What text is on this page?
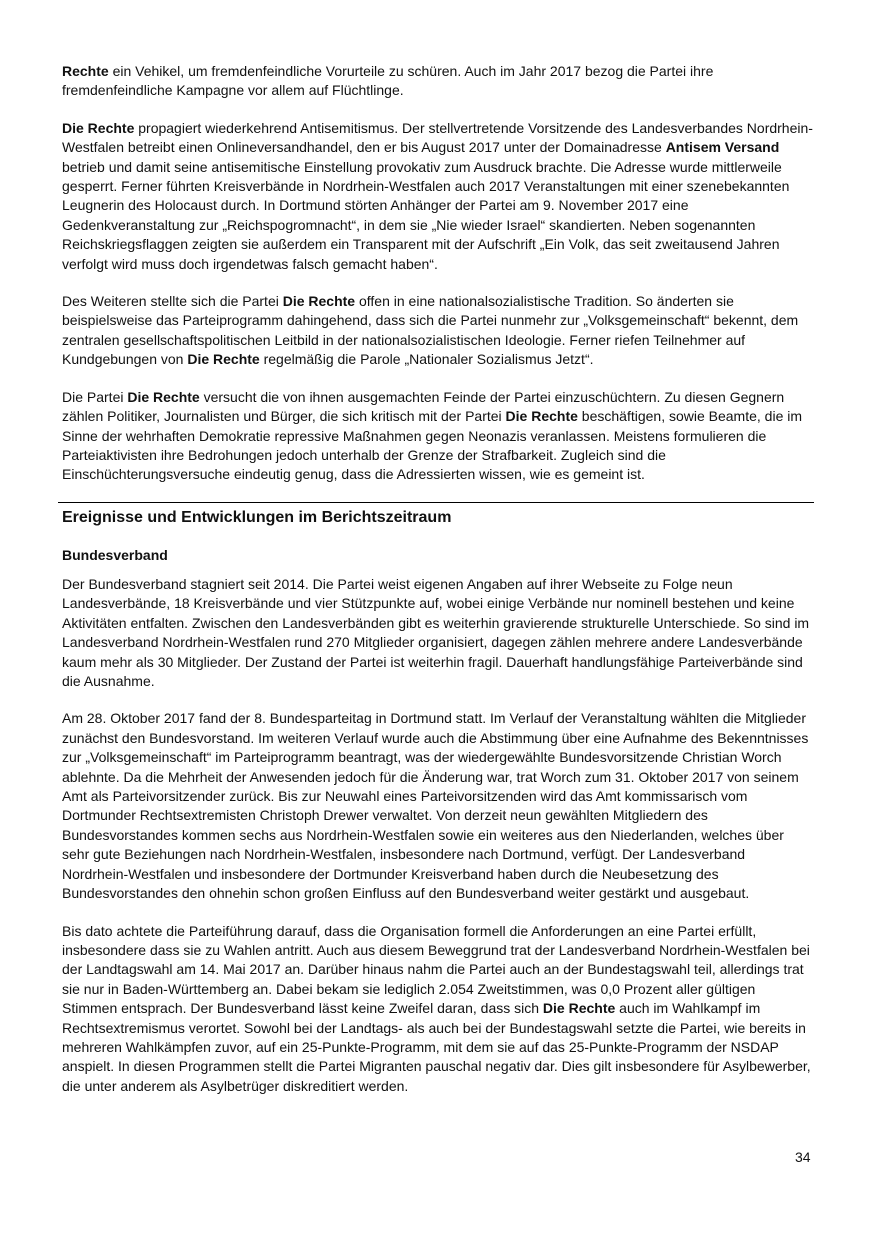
Rechte ein Vehikel, um fremdenfeindliche Vorurteile zu schüren. Auch im Jahr 2017 bezog die Partei ihre fremdenfeindliche Kampagne vor allem auf Flüchtlinge.

Die Rechte propagiert wiederkehrend Antisemitismus. Der stellvertretende Vorsitzende des Landesverbandes Nordrhein-Westfalen betreibt einen Onlineversandhandel, den er bis August 2017 unter der Domainadresse Antisem Versand betrieb und damit seine antisemitische Einstellung provokativ zum Ausdruck brachte. Die Adresse wurde mittlerweile gesperrt. Ferner führten Kreisverbände in Nordrhein-Westfalen auch 2017 Veranstaltungen mit einer szenebekannten Leugnerin des Holocaust durch. In Dortmund störten Anhänger der Partei am 9. November 2017 eine Gedenkveranstaltung zur „Reichspogromnacht“, in dem sie „Nie wieder Israel“ skandierten. Neben sogenannten Reichskriegsflaggen zeigten sie außerdem ein Transparent mit der Aufschrift „Ein Volk, das seit zweitausend Jahren verfolgt wird muss doch irgendetwas falsch gemacht haben“.

Des Weiteren stellte sich die Partei Die Rechte offen in eine nationalsozialistische Tradition. So änderten sie beispielsweise das Parteiprogramm dahingehend, dass sich die Partei nunmehr zur „Volksgemeinschaft“ bekennt, dem zentralen gesellschaftspolitischen Leitbild in der nationalsozialistischen Ideologie. Ferner riefen Teilnehmer auf Kundgebungen von Die Rechte regelmäßig die Parole „Nationaler Sozialismus Jetzt“.

Die Partei Die Rechte versucht die von ihnen ausgemachten Feinde der Partei einzuschüchtern. Zu diesen Gegnern zählen Politiker, Journalisten und Bürger, die sich kritisch mit der Partei Die Rechte beschäftigen, sowie Beamte, die im Sinne der wehrhaften Demokratie repressive Maßnahmen gegen Neonazis veranlassen. Meistens formulieren die Parteiaktivisten ihre Bedrohungen jedoch unterhalb der Grenze der Strafbarkeit. Zugleich sind die Einschüchterungsversuche eindeutig genug, dass die Adressierten wissen, wie es gemeint ist.

Ereignisse und Entwicklungen im Berichtszeitraum
Bundesverband

Der Bundesverband stagniert seit 2014. Die Partei weist eigenen Angaben auf ihrer Webseite zu Folge neun Landesverbände, 18 Kreisverbände und vier Stützpunkte auf, wobei einige Verbände nur nominell bestehen und keine Aktivitäten entfalten. Zwischen den Landesverbänden gibt es weiterhin gravierende strukturelle Unterschiede. So sind im Landesverband Nordrhein-Westfalen rund 270 Mitglieder organisiert, dagegen zählen mehrere andere Landesverbände kaum mehr als 30 Mitglieder. Der Zustand der Partei ist weiterhin fragil. Dauerhaft handlungsfähige Parteiverbände sind die Ausnahme.

Am 28. Oktober 2017 fand der 8. Bundesparteitag in Dortmund statt. Im Verlauf der Veranstaltung wählten die Mitglieder zunächst den Bundesvorstand. Im weiteren Verlauf wurde auch die Abstimmung über eine Aufnahme des Bekenntnisses zur „Volksgemeinschaft“ im Parteiprogramm beantragt, was der wiedergewählte Bundesvorsitzende Christian Worch ablehnte. Da die Mehrheit der Anwesenden jedoch für die Änderung war, trat Worch zum 31. Oktober 2017 von seinem Amt als Parteivorsitzender zurück. Bis zur Neuwahl eines Parteivorsitzenden wird das Amt kommissarisch vom Dortmunder Rechtsextremisten Christoph Drewer verwaltet. Von derzeit neun gewählten Mitgliedern des Bundesvorstandes kommen sechs aus Nordrhein-Westfalen sowie ein weiteres aus den Niederlanden, welches über sehr gute Beziehungen nach Nordrhein-Westfalen, insbesondere nach Dortmund, verfügt. Der Landesverband Nordrhein-Westfalen und insbesondere der Dortmunder Kreisverband haben durch die Neubesetzung des Bundesvorstandes den ohnehin schon großen Einfluss auf den Bundesverband weiter gestärkt und ausgebaut.

Bis dato achtete die Parteiführung darauf, dass die Organisation formell die Anforderungen an eine Partei erfüllt, insbesondere dass sie zu Wahlen antritt. Auch aus diesem Beweggrund trat der Landesverband Nordrhein-Westfalen bei der Landtagswahl am 14. Mai 2017 an. Darüber hinaus nahm die Partei auch an der Bundestagswahl teil, allerdings trat sie nur in Baden-Württemberg an. Dabei bekam sie lediglich 2.054 Zweitstimmen, was 0,0 Prozent aller gültigen Stimmen entsprach. Der Bundesverband lässt keine Zweifel daran, dass sich Die Rechte auch im Wahlkampf im Rechtsextremismus verortet. Sowohl bei der Landtags- als auch bei der Bundestagswahl setzte die Partei, wie bereits in mehreren Wahlkämpfen zuvor, auf ein 25-Punkte-Programm, mit dem sie auf das 25-Punkte-Programm der NSDAP anspielt. In diesen Programmen stellt die Partei Migranten pauschal negativ dar. Dies gilt insbesondere für Asylbewerber, die unter anderem als Asylbetrüger diskreditiert werden.

34
